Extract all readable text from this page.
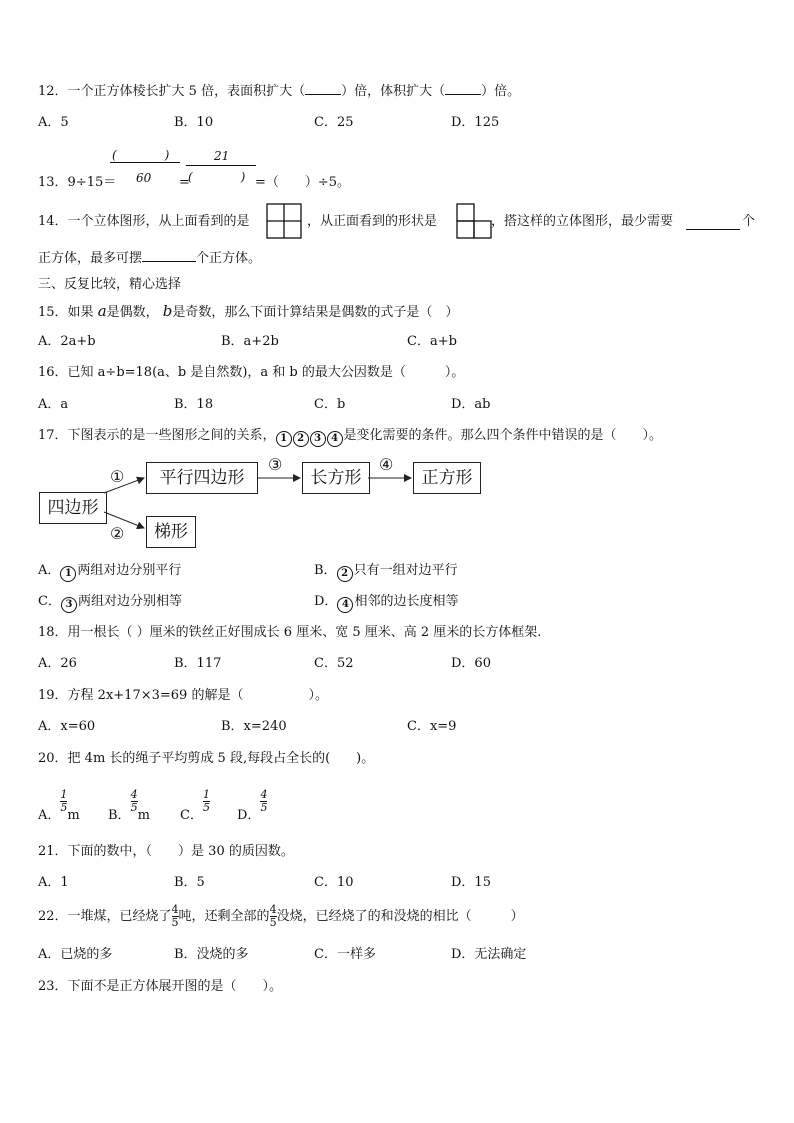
12．一个正方体棱长扩大 5 倍，表面积扩大（	）倍，体积扩大（	）倍。
A．5	B．10	C．25	D．125
13．9÷15＝
(　　　　)
60 =
21
(　　　　) =（　　）÷5。
14．一个立体图形，从上面看到的是	，从正面看到的形状是	，搭这样的立体图形，最少需要	个
正方体，最多可摆	个正方体。
三、反复比较，精心选择
15．如果 a是偶数， b是奇数，那么下面计算结果是偶数的式子是（　）
A．2a+b	B．a+2b	C．a+b
16．已知 a÷b=18(a、b 是自然数)，a 和 b 的最大公因数是（　　　）。
A．a	B．18	C．b	D．ab
17．下图表示的是一些图形之间的关系， 1 2 3 4 是变化需要的条件。那么四个条件中错误的是（　　）。
四边形
平行四边形	长方形	正方形
梯形
①
②
③	④
A． 1 两组对边分别平行	B． 2 只有一组对边平行
C． 3 两组对边分别相等	D． 4 相邻的边长度相等
18．用一根长（ ）厘米的铁丝正好围成长 6 厘米、宽 5 厘米、高 2 厘米的长方体框架.
A．26	B．117	C．52	D．60
19．方程 2x+17×3=69 的解是（　　　　　）。
A．x=60	B．x=240	C．x=9
20．把 4m 长的绳子平均剪成 5 段,每段占全长的(　　)。
A．
$\frac{1}{5}$
m B．
$\frac{4}{5}$
m C．
$\frac{1}{5}$
D．
$\frac{4}{5}$
21．下面的数中，（　　）是 30 的质因数。
A．1	B．5	C．10	D．15
22．一堆煤，已经烧了 $\frac{4}{5}$ 吨，还剩全部的 $\frac{4}{5}$ 没烧，已经烧了的和没烧的相比（　　　）
A．已烧的多	B．没烧的多	C．一样多	D．无法确定
23．下面不是正方体展开图的是（　　）。
